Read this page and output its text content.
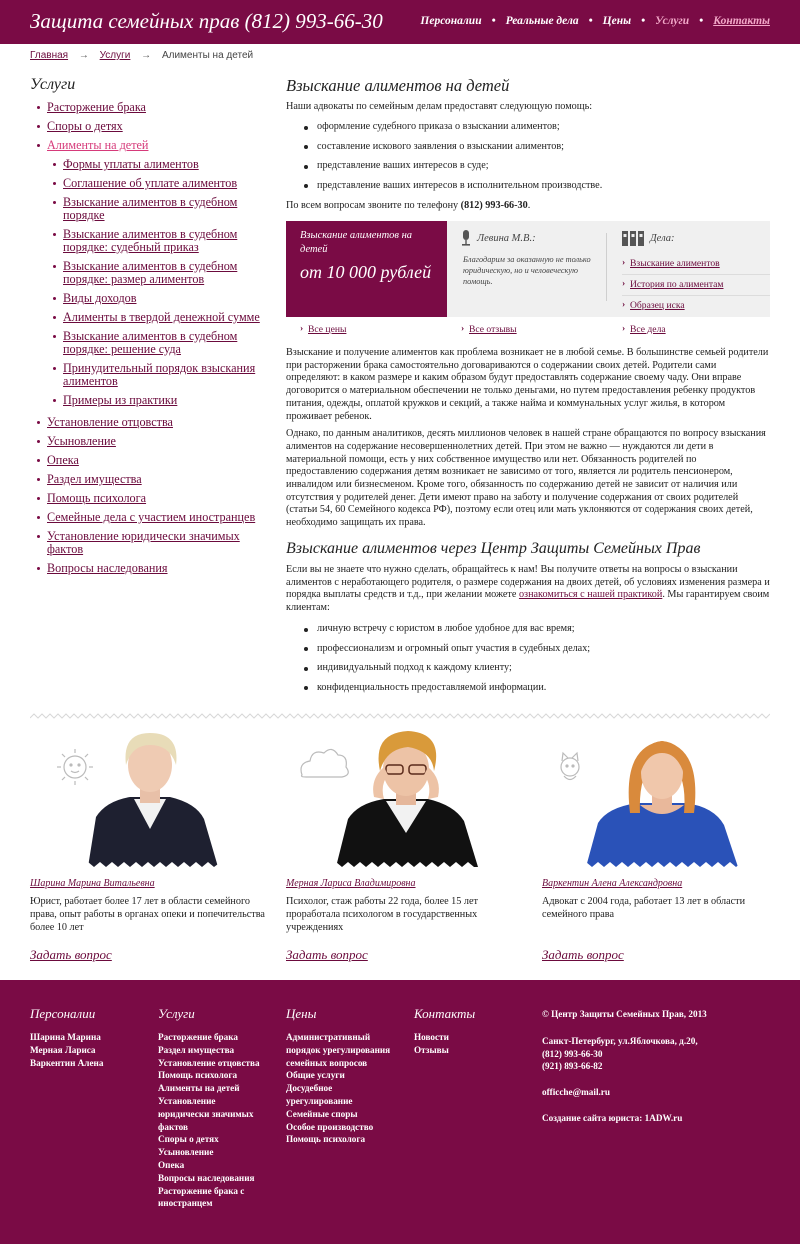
Защита семейных прав (812) 993-66-30	Персоналии • Реальные дела • Цены • Услуги • Контакты
Главная → Услуги → Алименты на детей
Услуги
Расторжение брака
Споры о детях
Алименты на детей
Формы уплаты алиментов
Соглашение об уплате алиментов
Взыскание алиментов в судебном порядке
Взыскание алиментов в судебном порядке: судебный приказ
Взыскание алиментов в судебном порядке: размер алиментов
Виды доходов
Алименты в твердой денежной сумме
Взыскание алиментов в судебном порядке: решение суда
Принудительный порядок взыскания алиментов
Примеры из практики
Установление отцовства
Усыновление
Опека
Раздел имущества
Помощь психолога
Семейные дела с участием иностранцев
Установление юридически значимых фактов
Вопросы наследования
Взыскание алиментов на детей

Наши адвокаты по семейным делам предоставят следующую помощь:

оформление судебного приказа о взыскании алиментов;
составление искового заявления о взыскании алиментов;
представление ваших интересов в суде;
представление ваших интересов в исполнительном производстве.

По всем вопросам звоните по телефону (812) 993-66-30.

Взыскание алиментов на детей
от 10 000 рублей
Левина М.В.:
Благодарим за оказанную не только юридическую, но и человеческую помощь.
Дела:
› Взыскание алиментов
› История по алиментам
› Образец иска
› Все цены	› Все отзывы	› Все дела

Взыскание и получение алиментов как проблема возникает не в любой семье. В большинстве семьей родители при расторжении брака самостоятельно договариваются о содержании своих детей. Родители сами определяют: в каком размере и каким образом будут предоставлять содержание своему чаду. Они вправе договорится о материальном обеспечении не только деньгами, но путем предоставления ребенку продуктов питания, одежды, оплатой кружков и секций, а также найма и коммунальных услуг жилья, в котором проживает ребенок.

Однако, по данным аналитиков, десять миллионов человек в нашей стране обращаются по вопросу взыскания алиментов на содержание несовершеннолетних детей. При этом не важно — нуждаются ли дети в материальной помощи, есть у них собственное имущество или нет. Обязанность родителей по предоставлению содержания детям возникает не зависимо от того, является ли родитель пенсионером, инвалидом или бизнесменом. Кроме того, обязанность по содержанию детей не зависит от наличия или отсутствия у родителей денег. Дети имеют право на заботу и получение содержания от своих родителей (статьи 54, 60 Семейного кодекса РФ), поэтому если отец или мать уклоняются от содержания своих детей, необходимо защищать их права.

Взыскание алиментов через Центр Защиты Семейных Прав

Если вы не знаете что нужно сделать, обращайтесь к нам! Вы получите ответы на вопросы о взыскании алиментов с неработающего родителя, о размере содержания на двоих детей, об условиях изменения размера и порядка выплаты средств и т.д., при желании можете ознакомиться с нашей практикой. Мы гарантируем своим клиентам:

личную встречу с юристом в любое удобное для вас время;
профессионализм и огромный опыт участия в судебных делах;
индивидуальный подход к каждому клиенту;
конфиденциальность предоставляемой информации.
Шарина Марина Витальевна
Юрист, работает более 17 лет в области семейного права, опыт работы в органах опеки и попечительства более 10 лет
Задать вопрос
Мерная Лариса Владимировна
Психолог, стаж работы 22 года, более 15 лет проработала психологом в государственных учреждениях
Задать вопрос
Варкентин Алена Александровна
Адвокат с 2004 года, работает 13 лет в области семейного права
Задать вопрос
Персоналии
Шарина Марина
Мерная Лариса
Варкентин Алена
Услуги
Расторжение брака
Раздел имущества
Установление отцовства
Помощь психолога
Алименты на детей
Установление юридически значимых фактов
Споры о детях
Усыновление
Опека
Вопросы наследования
Расторжение брака с иностранцем
Цены
Административный порядок урегулирования семейных вопросов
Общие услуги
Досудебное урегулирование
Семейные споры
Особое производство
Помощь психолога
Контакты
Новости
Отзывы

© Центр Защиты Семейных Прав, 2013

Санкт-Петербург, ул.Яблочкова, д.20,

(812) 993-66-30

(921) 893-66-82

officche@mail.ru

Создание сайта юриста: 1ADW.ru
